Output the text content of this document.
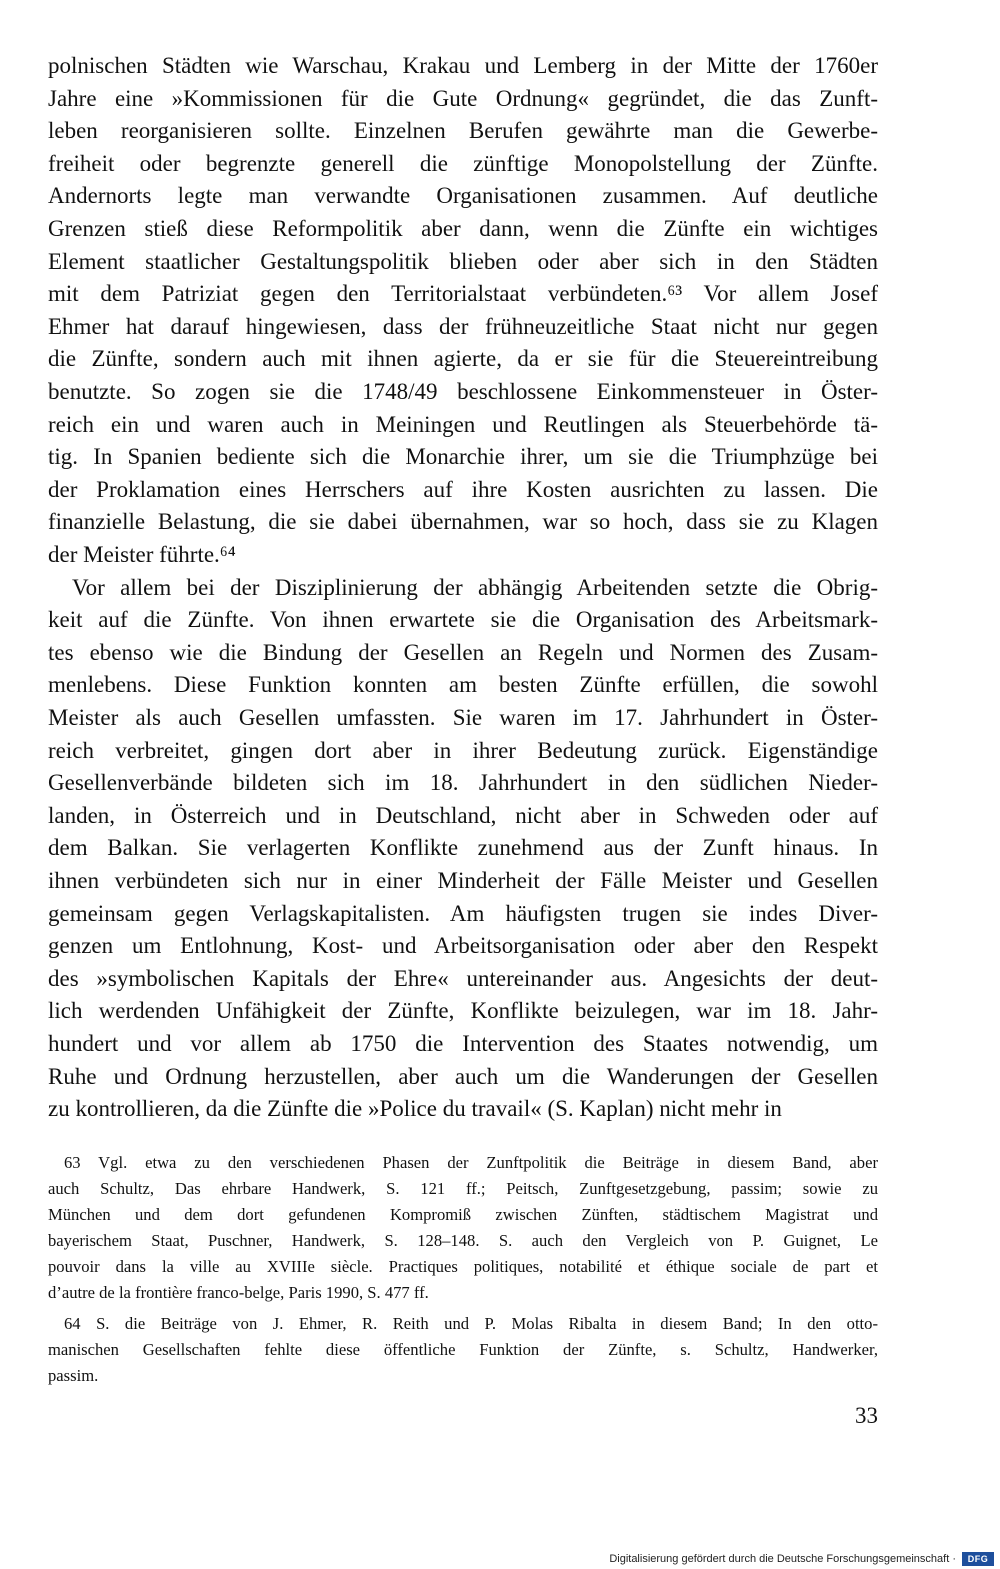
polnischen Städten wie Warschau, Krakau und Lemberg in der Mitte der 1760er
Jahre eine »Kommissionen für die Gute Ordnung« gegründet, die das Zunft-
leben reorganisieren sollte. Einzelnen Berufen gewährte man die Gewerbe-
freiheit oder begrenzte generell die zünftige Monopolstellung der Zünfte.
Andernorts legte man verwandte Organisationen zusammen. Auf deutliche
Grenzen stieß diese Reformpolitik aber dann, wenn die Zünfte ein wichtiges
Element staatlicher Gestaltungspolitik blieben oder aber sich in den Städten
mit dem Patriziat gegen den Territorialstaat verbündeten.⁶³ Vor allem Josef
Ehmer hat darauf hingewiesen, dass der frühneuzeitliche Staat nicht nur gegen
die Zünfte, sondern auch mit ihnen agierte, da er sie für die Steuereintreibung
benutzte. So zogen sie die 1748/49 beschlossene Einkommensteuer in Öster-
reich ein und waren auch in Meiningen und Reutlingen als Steuerbehörde tä-
tig. In Spanien bediente sich die Monarchie ihrer, um sie die Triumphzüge bei
der Proklamation eines Herrschers auf ihre Kosten ausrichten zu lassen. Die
finanzielle Belastung, die sie dabei übernahmen, war so hoch, dass sie zu Klagen
der Meister führte.⁶⁴
Vor allem bei der Disziplinierung der abhängig Arbeitenden setzte die Obrig-
keit auf die Zünfte. Von ihnen erwartete sie die Organisation des Arbeitsmark-
tes ebenso wie die Bindung der Gesellen an Regeln und Normen des Zusam-
menlebens. Diese Funktion konnten am besten Zünfte erfüllen, die sowohl
Meister als auch Gesellen umfassten. Sie waren im 17. Jahrhundert in Öster-
reich verbreitet, gingen dort aber in ihrer Bedeutung zurück. Eigenständige
Gesellenverbände bildeten sich im 18. Jahrhundert in den südlichen Nieder-
landen, in Österreich und in Deutschland, nicht aber in Schweden oder auf
dem Balkan. Sie verlagerten Konflikte zunehmend aus der Zunft hinaus. In
ihnen verbündeten sich nur in einer Minderheit der Fälle Meister und Gesellen
gemeinsam gegen Verlagskapitalisten. Am häufigsten trugen sie indes Diver-
genzen um Entlohnung, Kost- und Arbeitsorganisation oder aber den Respekt
des »symbolischen Kapitals der Ehre« untereinander aus. Angesichts der deut-
lich werdenden Unfähigkeit der Zünfte, Konflikte beizulegen, war im 18. Jahr-
hundert und vor allem ab 1750 die Intervention des Staates notwendig, um
Ruhe und Ordnung herzustellen, aber auch um die Wanderungen der Gesellen
zu kontrollieren, da die Zünfte die »Police du travail« (S. Kaplan) nicht mehr in
63 Vgl. etwa zu den verschiedenen Phasen der Zunftpolitik die Beiträge in diesem Band, aber
auch Schultz, Das ehrbare Handwerk, S. 121 ff.; Peitsch, Zunftgesetzgebung, passim; sowie zu
München und dem dort gefundenen Kompromiß zwischen Zünften, städtischem Magistrat und
bayerischem Staat, Puschner, Handwerk, S. 128–148. S. auch den Vergleich von P. Guignet, Le
pouvoir dans la ville au XVIIIe siècle. Practiques politiques, notabilité et éthique sociale de part et
d’autre de la frontière franco-belge, Paris 1990, S. 477 ff.
64 S. die Beiträge von J. Ehmer, R. Reith und P. Molas Ribalta in diesem Band; In den otto-
manischen Gesellschaften fehlte diese öffentliche Funktion der Zünfte, s. Schultz, Handwerker,
passim.
33
Digitalisierung gefördert durch die Deutsche Forschungsgemeinschaft ·	DFG
